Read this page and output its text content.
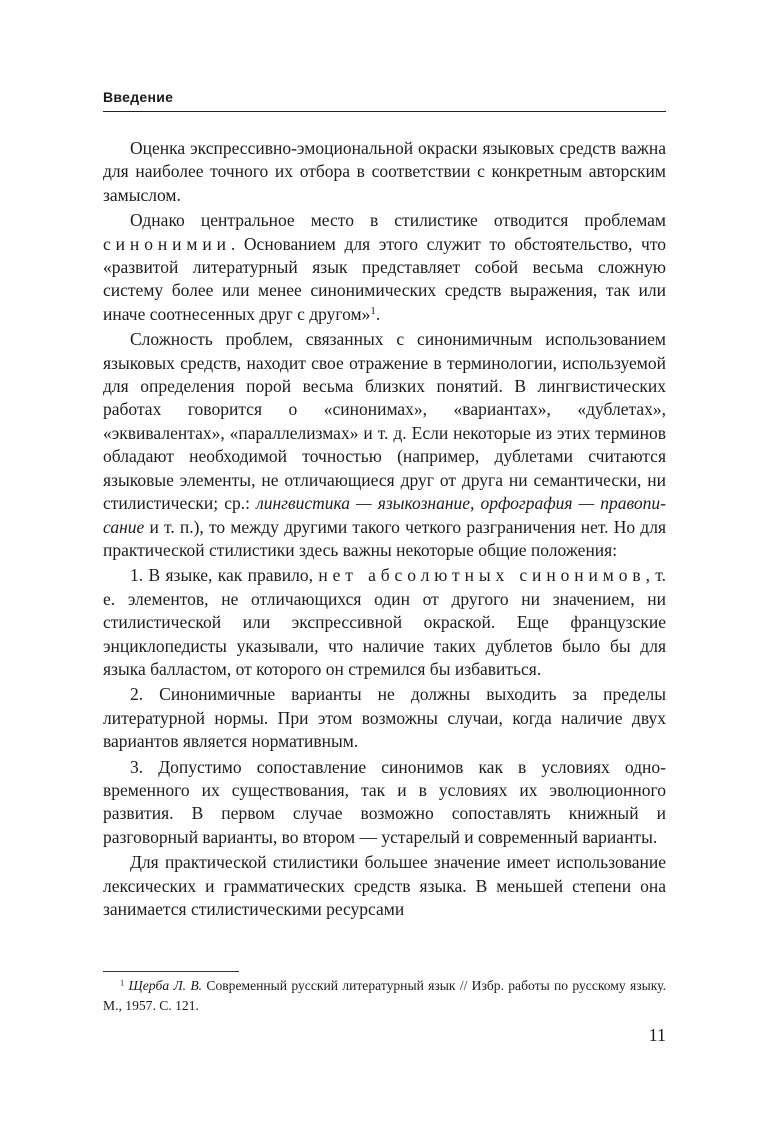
Введение

Оценка экспрессивно-эмоциональной окраски языковых средств важна для наиболее точного их отбора в соответствии с конкретным авторским замыслом.

Однако центральное место в стилистике отводится проблемам синонимии. Основанием для этого служит то обстоятельство, что «развитой литературный язык представляет собой весьма сложную систему более или менее синонимических средств выражения, так или иначе соотнесенных друг с другом»$^1$.

Сложность проблем, связанных с синонимичным использованием языковых средств, находит свое отражение в терминологии, используемой для определения порой весьма близких понятий. В лингвистических работах говорится о «синонимах», «вариантах», «дублетах», «эквивалентах», «параллелизмах» и т. д. Если некоторые из этих терминов обладают необходимой точностью (например, дублетами считаются языковые элементы, не отличающиеся друг от друга ни семантически, ни стилистически; ср.: лингвистика — языкознание, орфография — правописание и т. п.), то между другими такого четкого разграничения нет. Но для практической стилистики здесь важны некоторые общие положения:

1. В языке, как правило, нет абсолютных синонимов, т. е. элементов, не отличающихся один от другого ни значением, ни стилистической или экспрессивной окраской. Еще французские энциклопедисты указывали, что наличие таких дублетов было бы для языка балластом, от которого он стремился бы избавиться.

2. Синонимичные варианты не должны выходить за пределы литературной нормы. При этом возможны случаи, когда наличие двух вариантов является нормативным.

3. Допустимо сопоставление синонимов как в условиях одновременного их существования, так и в условиях их эволюционного развития. В первом случае возможно сопоставлять книжный и разговорный варианты, во втором — устарелый и современный варианты.

Для практической стилистики большее значение имеет использование лексических и грамматических средств языка. В меньшей степени она занимается стилистическими ресурсами

$^1$ Щерба Л. В. Современный русский литературный язык // Избр. работы по русскому языку. М., 1957. С. 121.

11
